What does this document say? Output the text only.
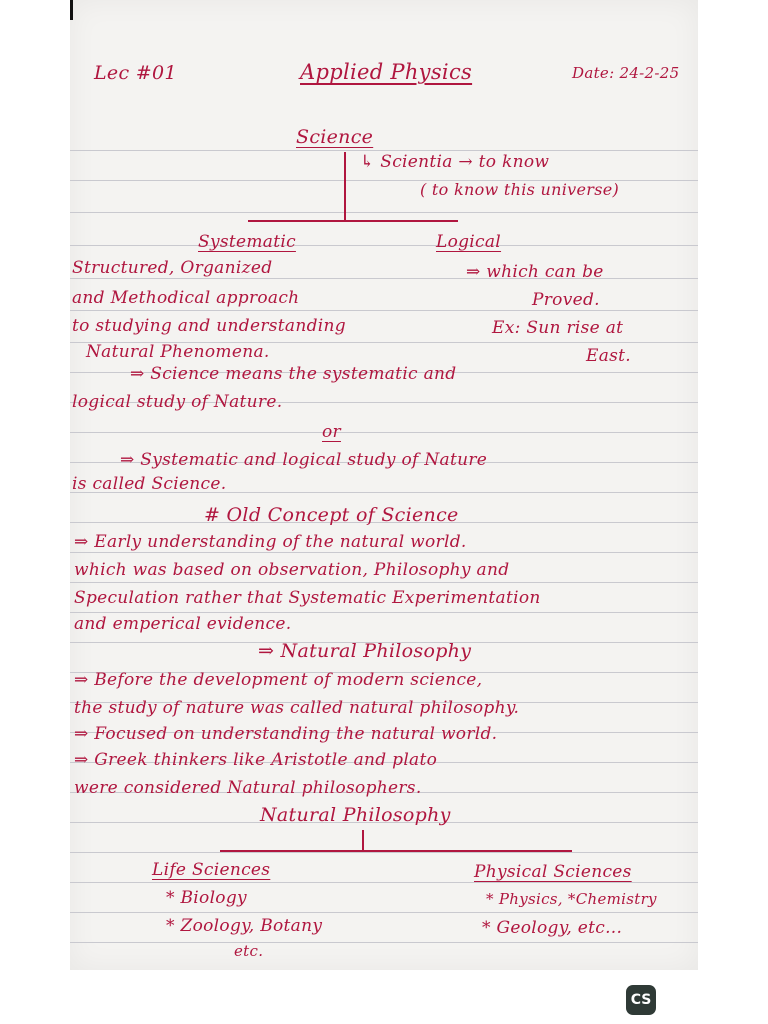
Lec #01	Applied Physics	Date: 24-2-25
Science
↳ Scientia → to know
( to know this universe)
Systematic	Logical
Structured, Organized
and Methodical approach
to studying and understanding
Natural Phenomena.
⇒ which can be
Proved.
Ex: Sun rise at
East.
⇒ Science means the systematic and
logical study of Nature.
or
⇒ Systematic and logical study of Nature
is called Science.
# Old Concept of Science
⇒ Early understanding of the natural world.
which was based on observation, Philosophy and
Speculation rather that Systematic Experimentation
and emperical evidence.
⇒ Natural Philosophy
⇒ Before the development of modern science,
the study of nature was called natural philosophy.
⇒ Focused on understanding the natural world.
⇒ Greek thinkers like Aristotle and plato
were considered Natural philosophers.
Natural Philosophy
Life Sciences
* Biology
* Zoology, Botany
etc.
Physical Sciences
* Physics, *Chemistry
* Geology, etc...
CS
